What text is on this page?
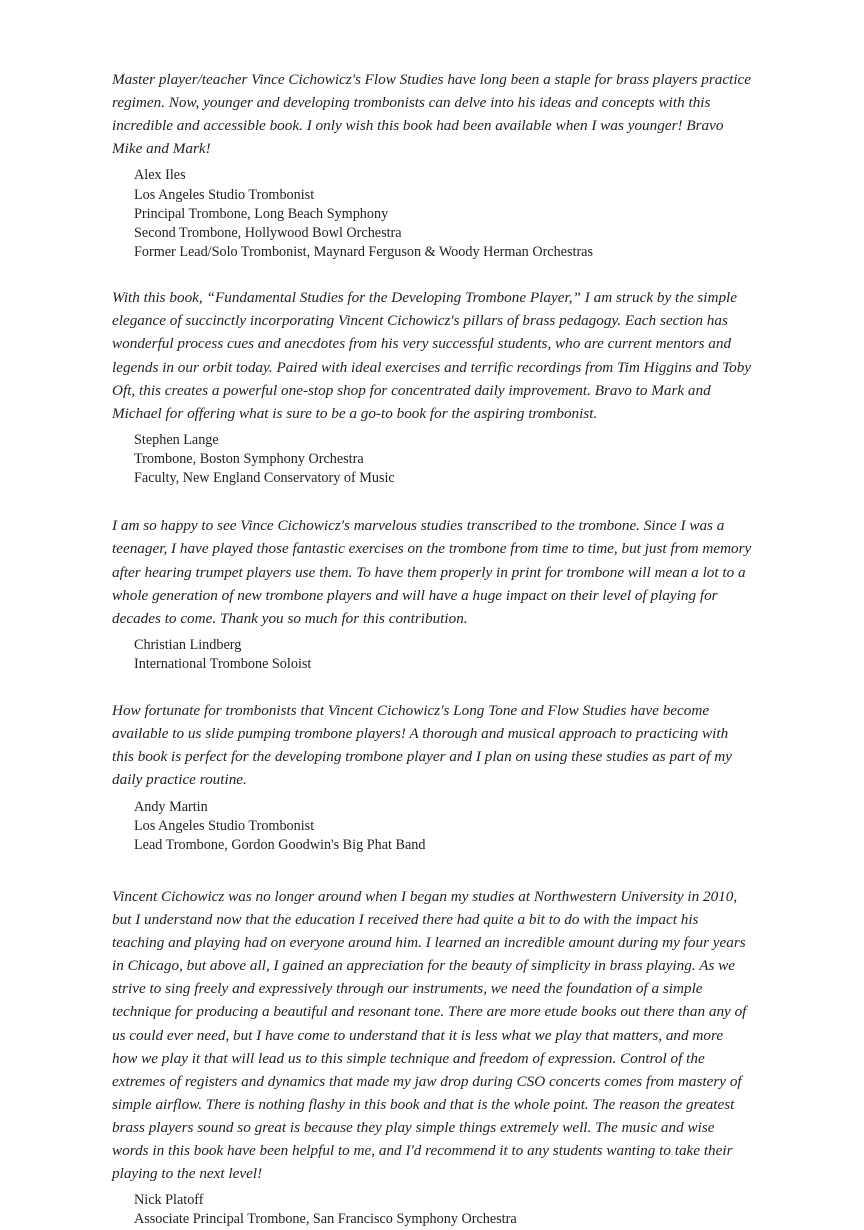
Master player/teacher Vince Cichowicz's Flow Studies have long been a staple for brass players practice regimen. Now, younger and developing trombonists can delve into his ideas and concepts with this incredible and accessible book. I only wish this book had been available when I was younger! Bravo Mike and Mark!

Alex Iles
Los Angeles Studio Trombonist
Principal Trombone, Long Beach Symphony
Second Trombone, Hollywood Bowl Orchestra
Former Lead/Solo Trombonist, Maynard Ferguson & Woody Herman Orchestras

With this book, “Fundamental Studies for the Developing Trombone Player,” I am struck by the simple elegance of succinctly incorporating Vincent Cichowicz's pillars of brass pedagogy. Each section has wonderful process cues and anecdotes from his very successful students, who are current mentors and legends in our orbit today. Paired with ideal exercises and terrific recordings from Tim Higgins and Toby Oft, this creates a powerful one-stop shop for concentrated daily improvement. Bravo to Mark and Michael for offering what is sure to be a go-to book for the aspiring trombonist.

Stephen Lange
Trombone, Boston Symphony Orchestra
Faculty, New England Conservatory of Music

I am so happy to see Vince Cichowicz's marvelous studies transcribed to the trombone. Since I was a teenager, I have played those fantastic exercises on the trombone from time to time, but just from memory after hearing trumpet players use them. To have them properly in print for trombone will mean a lot to a whole generation of new trombone players and will have a huge impact on their level of playing for decades to come. Thank you so much for this contribution.

Christian Lindberg
International Trombone Soloist

How fortunate for trombonists that Vincent Cichowicz's Long Tone and Flow Studies have become available to us slide pumping trombone players! A thorough and musical approach to practicing with this book is perfect for the developing trombone player and I plan on using these studies as part of my daily practice routine.

Andy Martin
Los Angeles Studio Trombonist
Lead Trombone, Gordon Goodwin's Big Phat Band

Vincent Cichowicz was no longer around when I began my studies at Northwestern University in 2010, but I understand now that the education I received there had quite a bit to do with the impact his teaching and playing had on everyone around him. I learned an incredible amount during my four years in Chicago, but above all, I gained an appreciation for the beauty of simplicity in brass playing. As we strive to sing freely and expressively through our instruments, we need the foundation of a simple technique for producing a beautiful and resonant tone. There are more etude books out there than any of us could ever need, but I have come to understand that it is less what we play that matters, and more how we play it that will lead us to this simple technique and freedom of expression. Control of the extremes of registers and dynamics that made my jaw drop during CSO concerts comes from mastery of simple airflow. There is nothing flashy in this book and that is the whole point. The reason the greatest brass players sound so great is because they play simple things extremely well. The music and wise words in this book have been helpful to me, and I'd recommend it to any students wanting to take their playing to the next level!

Nick Platoff
Associate Principal Trombone, San Francisco Symphony Orchestra
